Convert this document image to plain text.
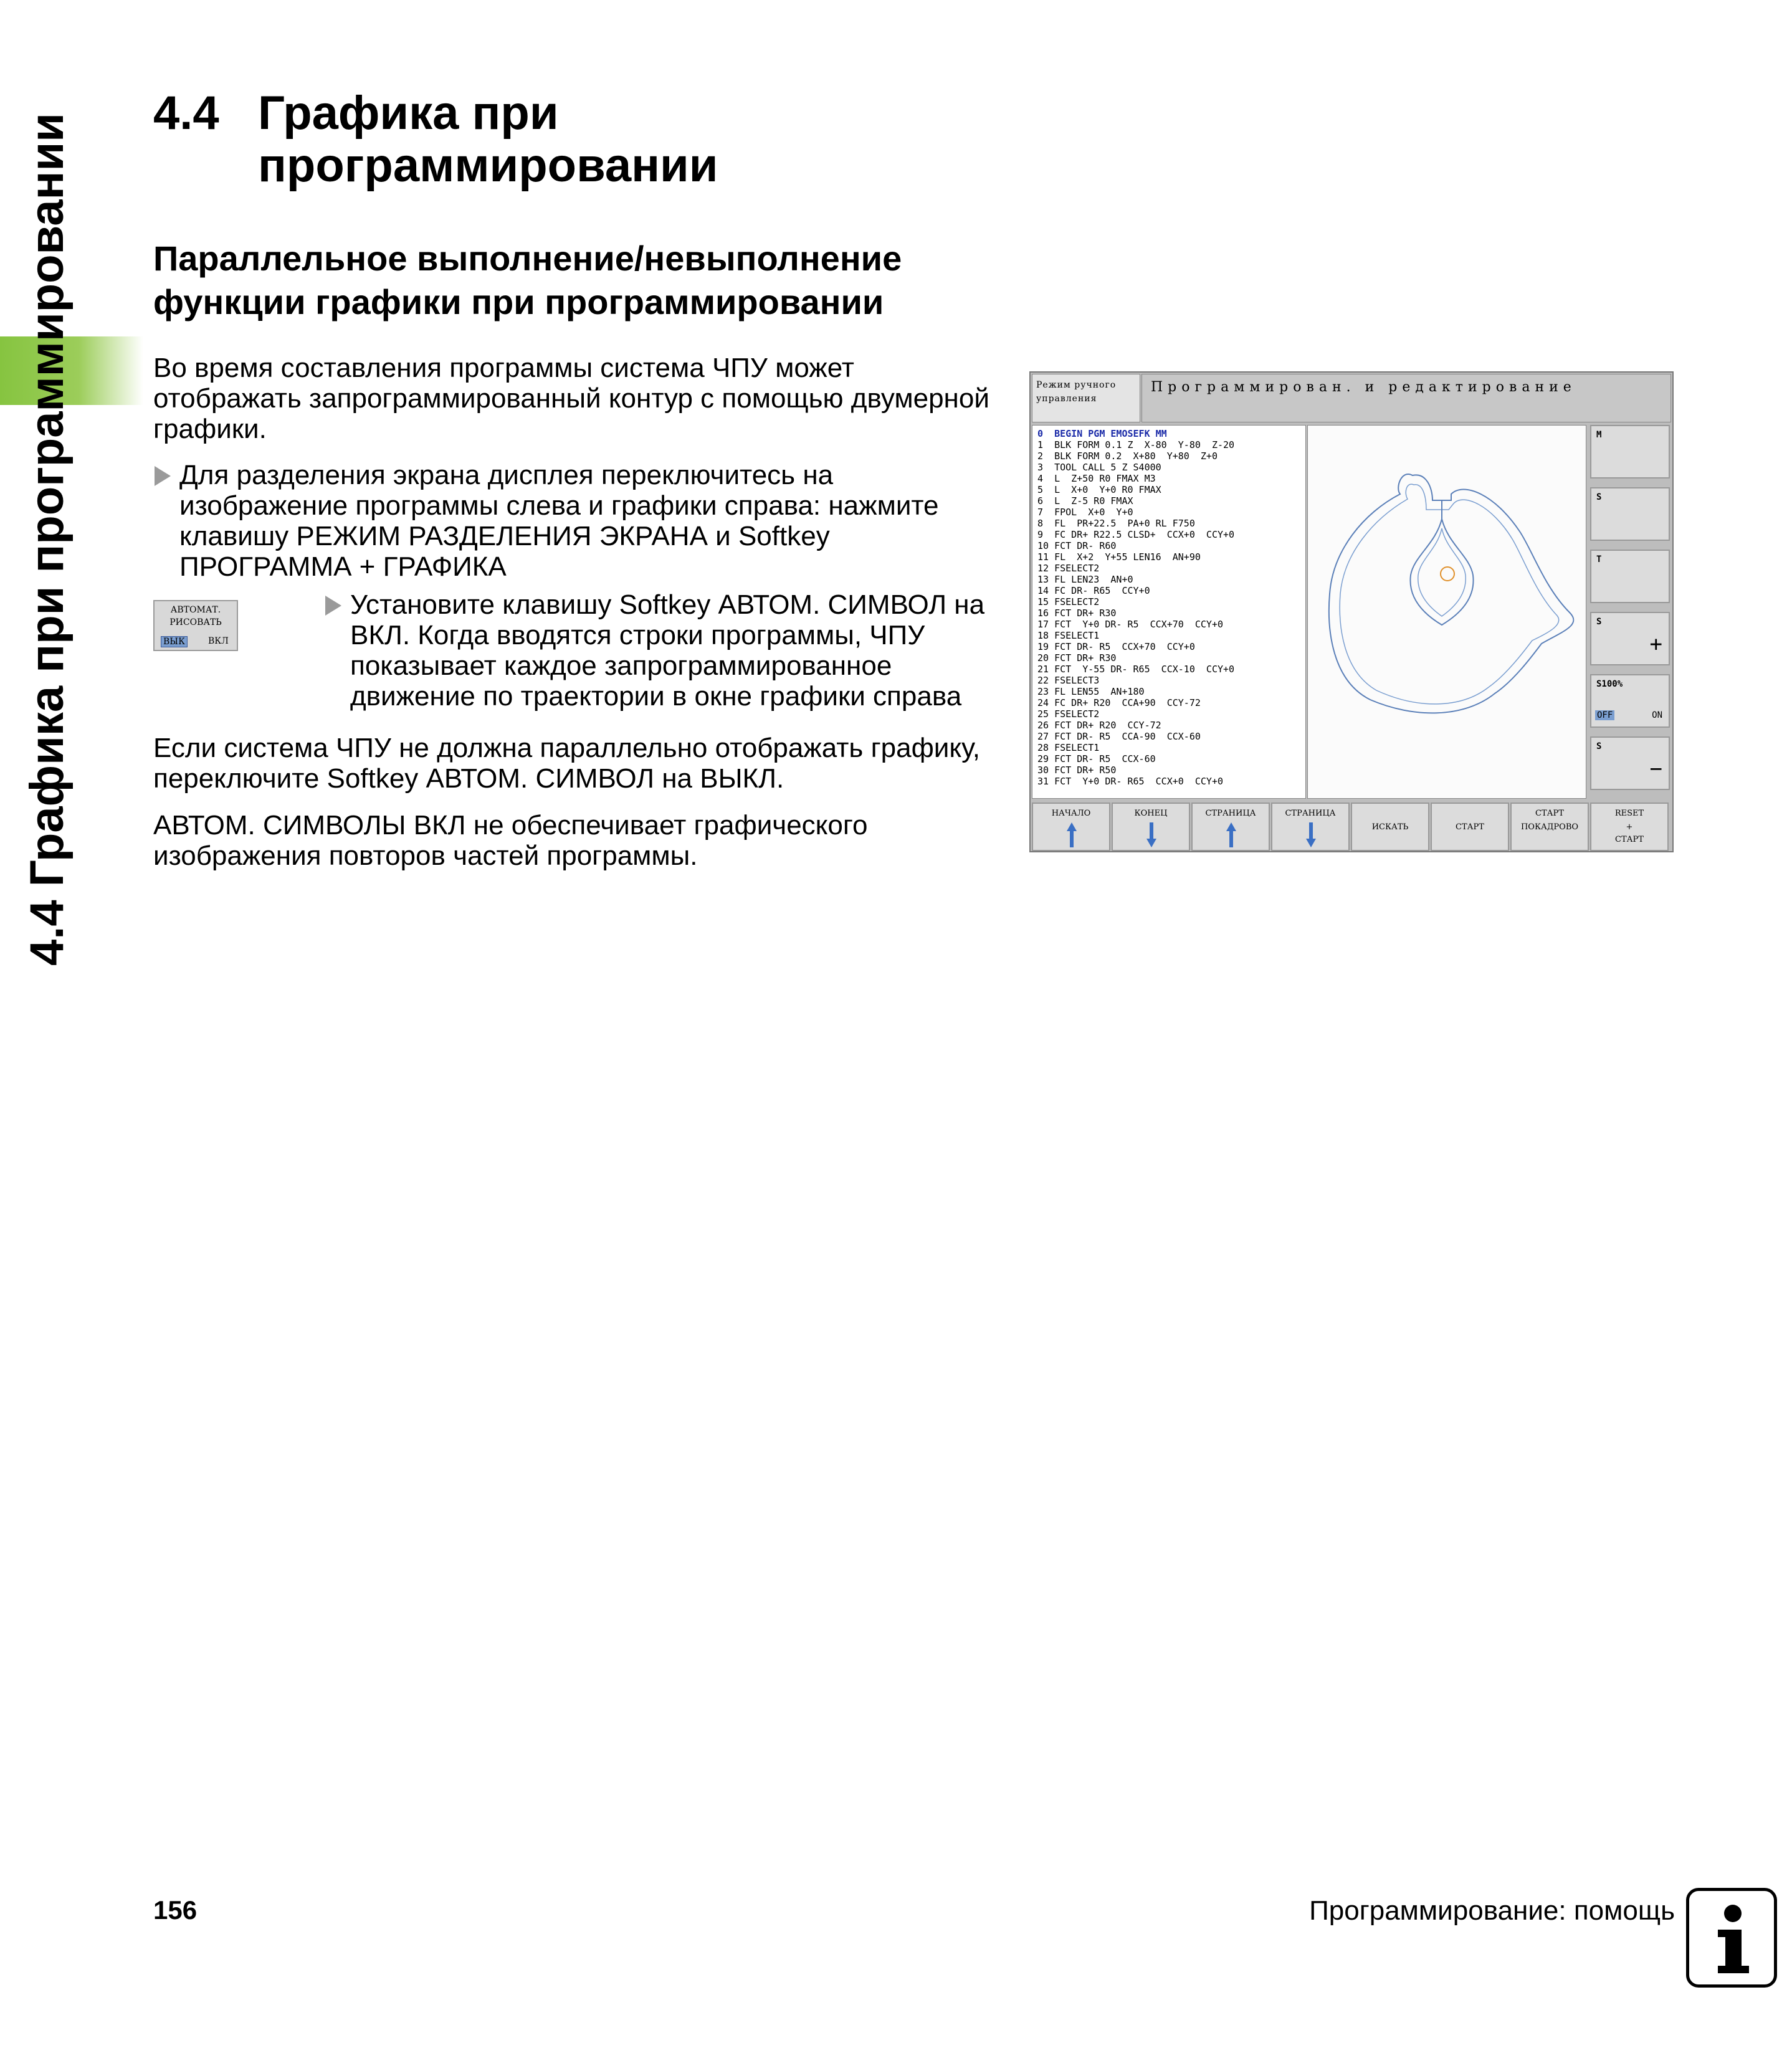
4.4 Графика при программировании 4.4 Графика при программировании
Параллельное выполнение/невыполнение функции графики при программировании

Во время составления программы система ЧПУ может отображать запрограммированный контур с помощью двумерной графики.

Для разделения экрана дисплея переключитесь на изображение программы слева и графики справа: нажмите клавишу РЕЖИМ РАЗДЕЛЕНИЯ ЭКРАНА и Softkey ПРОГРАММА + ГРАФИКА

АВТОМАТ.
РИСОВАТЬ
ВЫК	ВКЛ

Установите клавишу Softkey АВТОМ. СИМВОЛ на ВКЛ. Когда вводятся строки программы, ЧПУ показывает каждое запрограммированное движение по траектории в окне графики справа

Если система ЧПУ не должна параллельно отображать графику, переключите Softkey АВТОМ. СИМВОЛ на ВЫКЛ.

АВТОМ. СИМВОЛЫ ВКЛ не обеспечивает графического изображения повторов частей программы.

Режим ручного
управления
Программирован. и редактирование
0  BEGIN PGM EMOSEFK MM
1  BLK FORM 0.1 Z  X-80  Y-80  Z-20
2  BLK FORM 0.2  X+80  Y+80  Z+0
3  TOOL CALL 5 Z S4000
4  L  Z+50 R0 FMAX M3
5  L  X+0  Y+0 R0 FMAX
6  L  Z-5 R0 FMAX
7  FPOL  X+0  Y+0
8  FL  PR+22.5  PA+0 RL F750
9  FC DR+ R22.5 CLSD+  CCX+0  CCY+0
10 FCT DR- R60
11 FL  X+2  Y+55 LEN16  AN+90
12 FSELECT2
13 FL LEN23  AN+0
14 FC DR- R65  CCY+0
15 FSELECT2
16 FCT DR+ R30
17 FCT  Y+0 DR- R5  CCX+70  CCY+0
18 FSELECT1
19 FCT DR- R5  CCX+70  CCY+0
20 FCT DR+ R30
21 FCT  Y-55 DR- R65  CCX-10  CCY+0
22 FSELECT3
23 FL LEN55  AN+180
24 FC DR+ R20  CCA+90  CCY-72
25 FSELECT2
26 FCT DR+ R20  CCY-72
27 FCT DR- R5  CCA-90  CCX-60
28 FSELECT1
29 FCT DR- R5  CCX-60
30 FCT DR+ R50
31 FCT  Y+0 DR- R65  CCX+0  CCY+0
M
S
T
S
+
S100%
OFF	ON
S
−
НАЧАЛО	КОНЕЦ	СТРАНИЦА	СТРАНИЦА
ИСКАТЬ	СТАРТ
СТАРТ
ПОКАДРОВО
RESET
+
СТАРТ
156	Программирование: помощь
